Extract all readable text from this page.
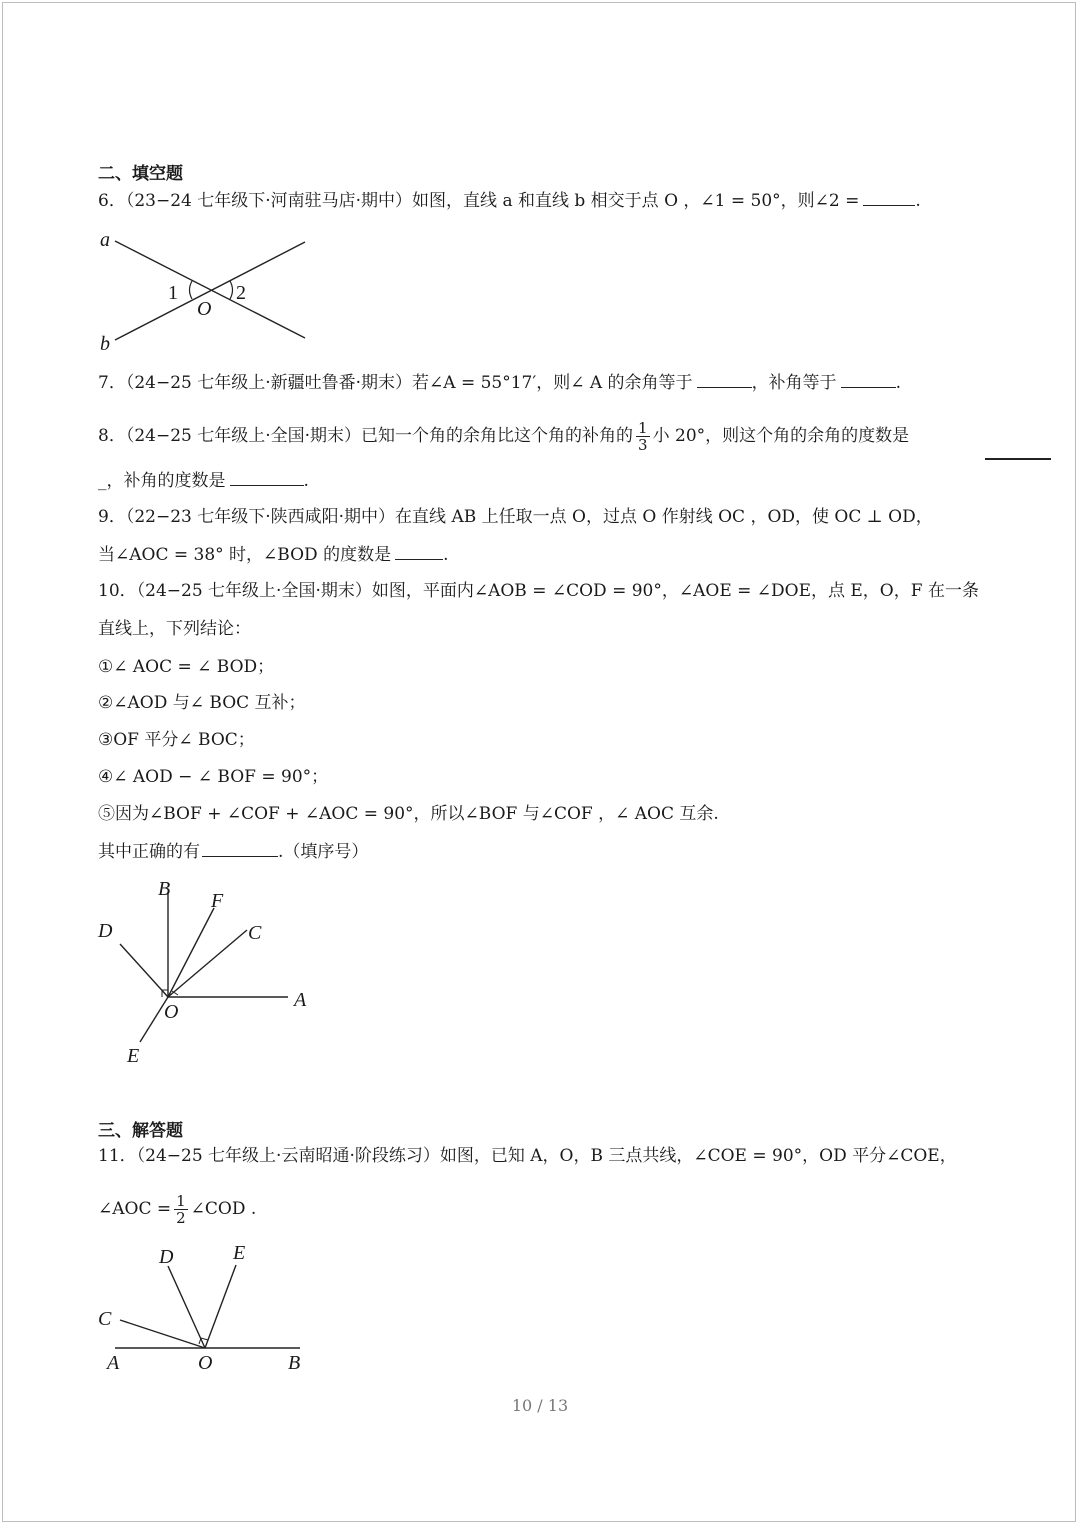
二、填空题
6．（23−24 七年级下·河南驻马店·期中）如图，直线 a 和直线 b 相交于点 O ，∠1 = 50°，则∠2 =	.
a
b
O
1	2
7．（24−25 七年级上·新疆吐鲁番·期末）若∠A = 55°17′，则∠ A 的余角等于	，补角等于	.
8．（24−25 七年级上·全国·期末）已知一个角的余角比这个角的补角的 $\frac{1}{3}$ 小 20°，则这个角的余角的度数是
_，补角的度数是	.
9．（22−23 七年级下·陕西咸阳·期中）在直线 AB 上任取一点 O，过点 O 作射线 OC ，OD，使 OC ⊥ OD，
当∠AOC = 38° 时，∠BOD 的度数是	.
10．（24−25 七年级上·全国·期末）如图，平面内∠AOB = ∠COD = 90°，∠AOE = ∠DOE，点 E，O，F 在一条
直线上，下列结论：
①∠ AOC = ∠ BOD；
②∠AOD 与∠ BOC 互补；
③OF 平分∠ BOC；
④∠ AOD − ∠ BOF = 90°；
⑤因为∠BOF + ∠COF + ∠AOC = 90°，所以∠BOF 与∠COF ，∠ AOC 互余.
其中正确的有	.（填序号）
B
F
D	C
A
O
E
三、解答题
11．（24−25 七年级上·云南昭通·阶段练习）如图，已知 A，O，B 三点共线，∠COE = 90°，OD 平分∠COE，
∠AOC = $\frac{1}{2}$ ∠COD .
D	E
C
A	O	B
10 / 13
